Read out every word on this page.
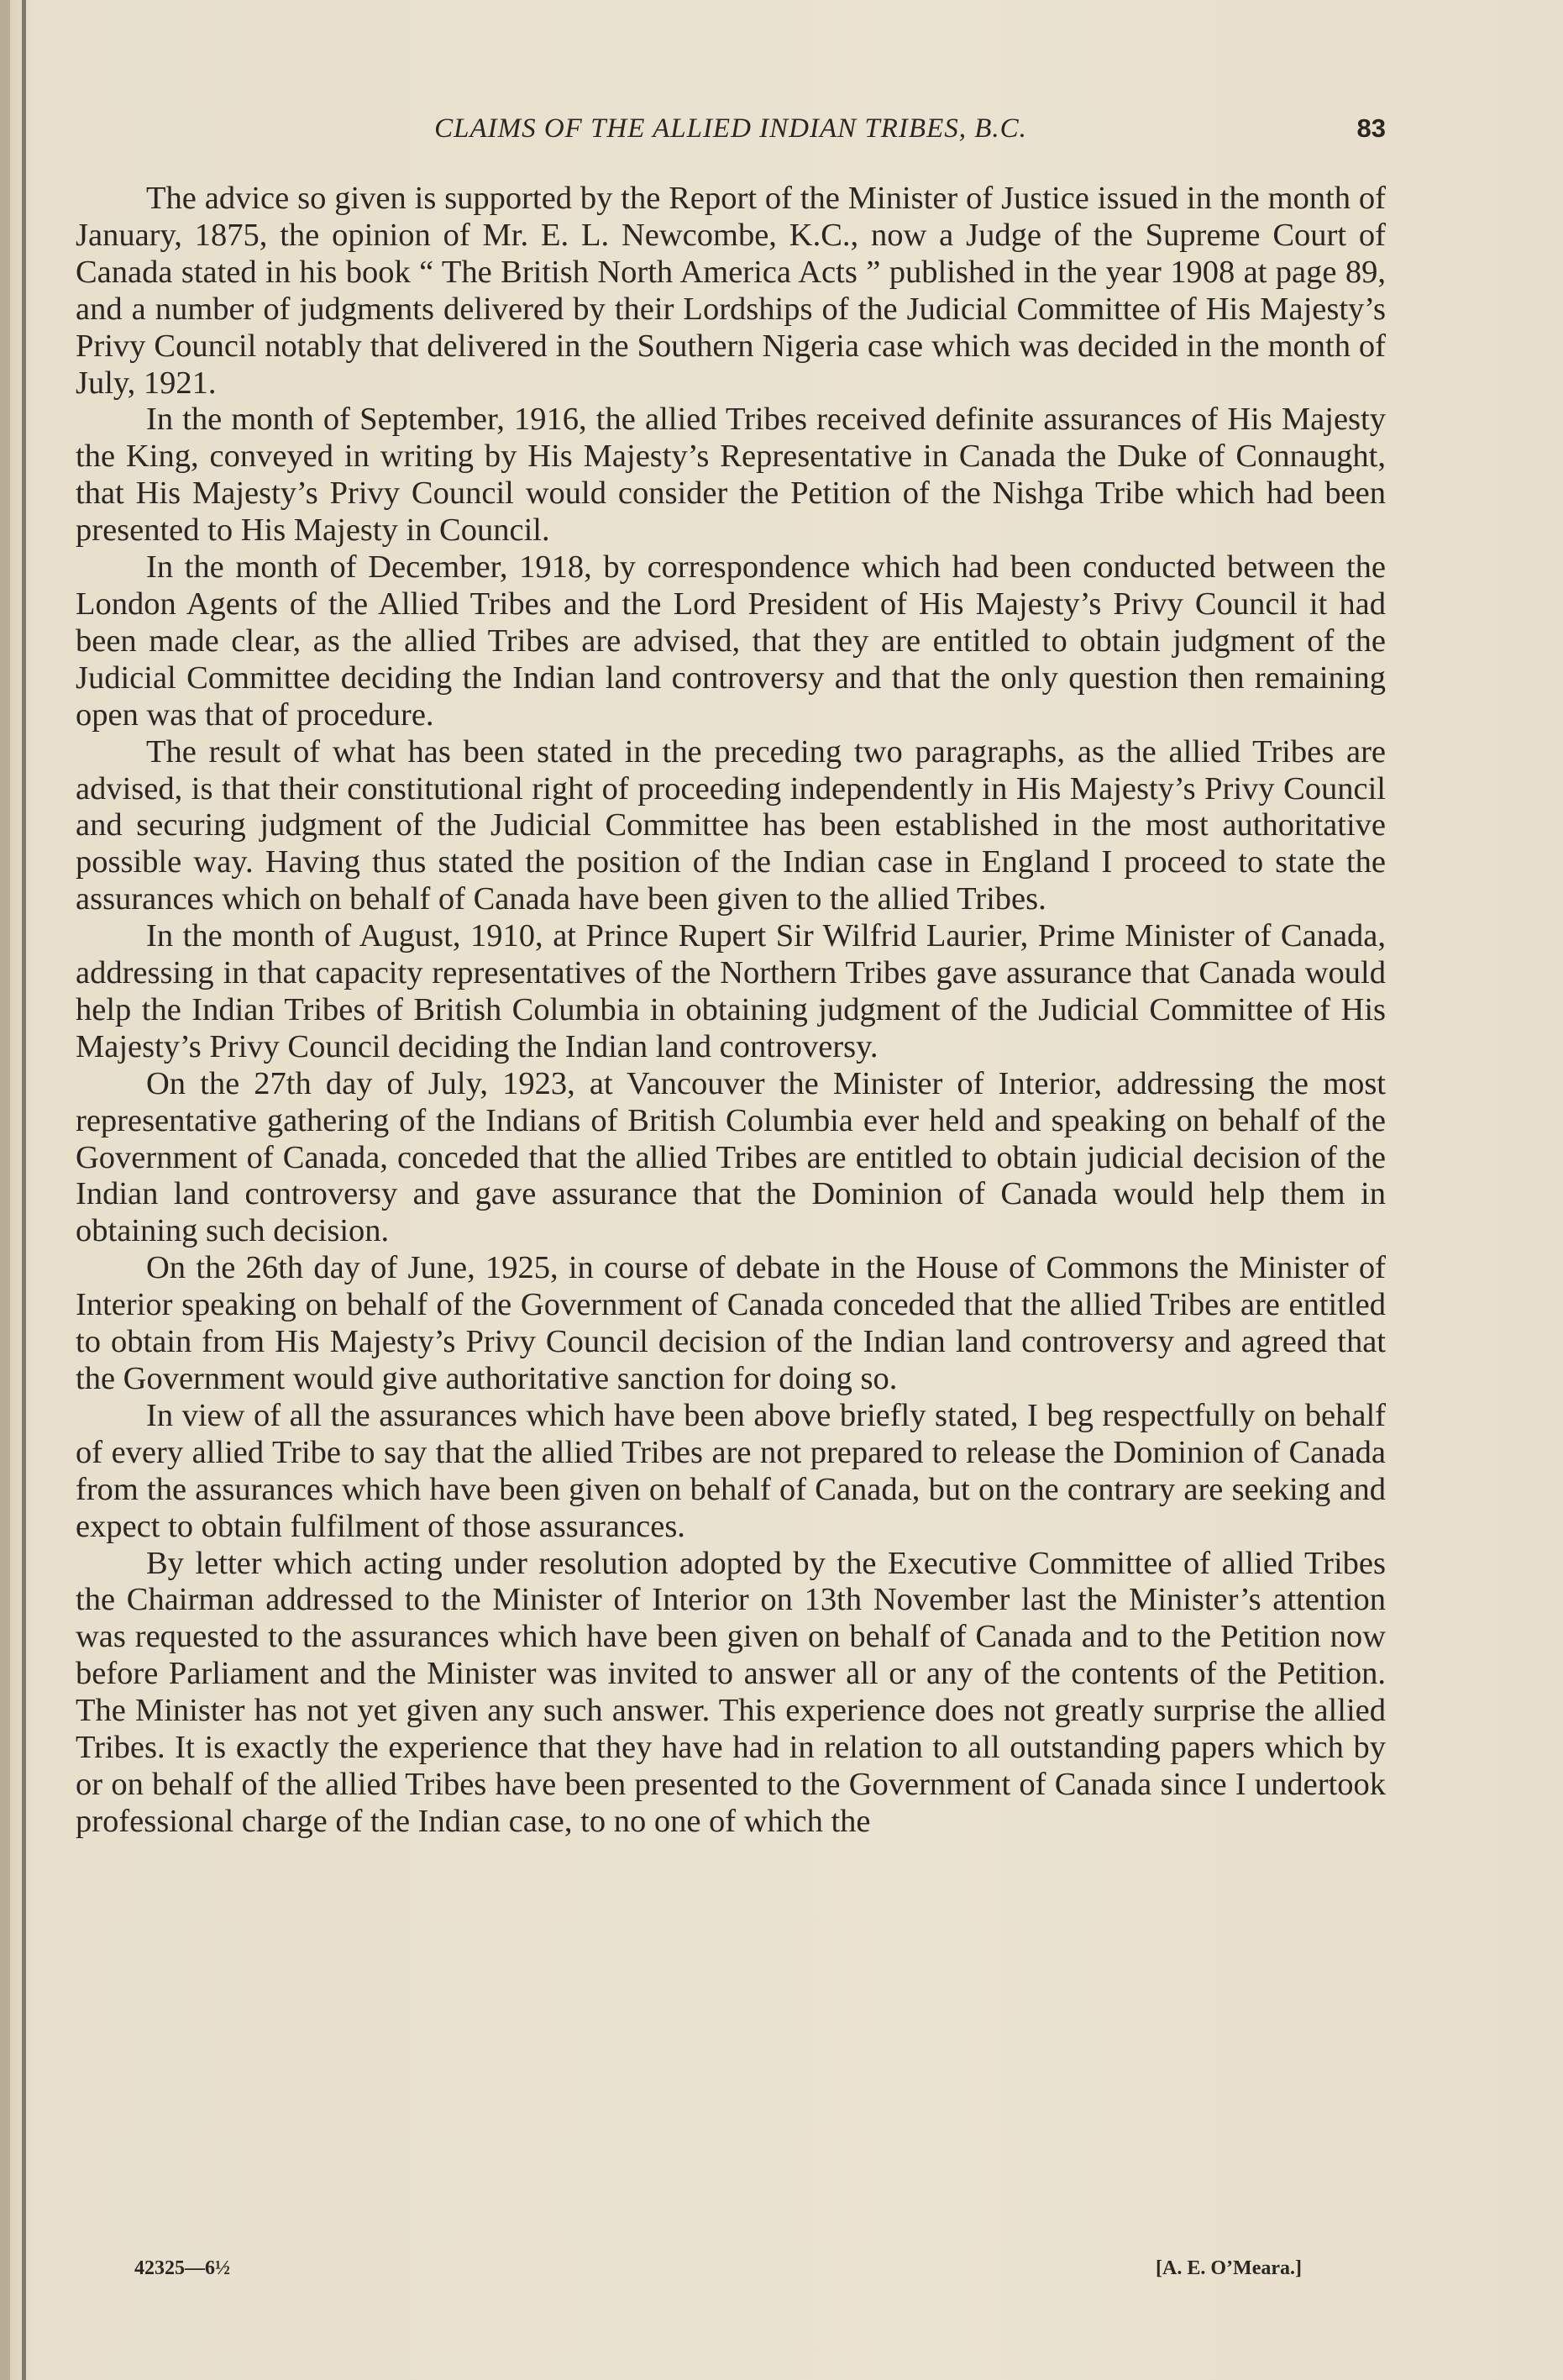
CLAIMS OF THE ALLIED INDIAN TRIBES, B.C.	83

The advice so given is supported by the Report of the Minister of Justice issued in the month of January, 1875, the opinion of Mr. E. L. Newcombe, K.C., now a Judge of the Supreme Court of Canada stated in his book “ The British North America Acts ” published in the year 1908 at page 89, and a number of judgments delivered by their Lordships of the Judicial Committee of His Majesty’s Privy Council notably that delivered in the Southern Nigeria case which was decided in the month of July, 1921.

In the month of September, 1916, the allied Tribes received definite assurances of His Majesty the King, conveyed in writing by His Majesty’s Representative in Canada the Duke of Connaught, that His Majesty’s Privy Council would consider the Petition of the Nishga Tribe which had been presented to His Majesty in Council.

In the month of December, 1918, by correspondence which had been conducted between the London Agents of the Allied Tribes and the Lord President of His Majesty’s Privy Council it had been made clear, as the allied Tribes are advised, that they are entitled to obtain judgment of the Judicial Committee deciding the Indian land controversy and that the only question then remaining open was that of procedure.

The result of what has been stated in the preceding two paragraphs, as the allied Tribes are advised, is that their constitutional right of proceeding independently in His Majesty’s Privy Council and securing judgment of the Judicial Committee has been established in the most authoritative possible way. Having thus stated the position of the Indian case in England I proceed to state the assurances which on behalf of Canada have been given to the allied Tribes.

In the month of August, 1910, at Prince Rupert Sir Wilfrid Laurier, Prime Minister of Canada, addressing in that capacity representatives of the Northern Tribes gave assurance that Canada would help the Indian Tribes of British Columbia in obtaining judgment of the Judicial Committee of His Majesty’s Privy Council deciding the Indian land controversy.

On the 27th day of July, 1923, at Vancouver the Minister of Interior, addressing the most representative gathering of the Indians of British Columbia ever held and speaking on behalf of the Government of Canada, conceded that the allied Tribes are entitled to obtain judicial decision of the Indian land controversy and gave assurance that the Dominion of Canada would help them in obtaining such decision.

On the 26th day of June, 1925, in course of debate in the House of Commons the Minister of Interior speaking on behalf of the Government of Canada conceded that the allied Tribes are entitled to obtain from His Majesty’s Privy Council decision of the Indian land controversy and agreed that the Government would give authoritative sanction for doing so.

In view of all the assurances which have been above briefly stated, I beg respectfully on behalf of every allied Tribe to say that the allied Tribes are not prepared to release the Dominion of Canada from the assurances which have been given on behalf of Canada, but on the contrary are seeking and expect to obtain fulfilment of those assurances.

By letter which acting under resolution adopted by the Executive Committee of allied Tribes the Chairman addressed to the Minister of Interior on 13th November last the Minister’s attention was requested to the assurances which have been given on behalf of Canada and to the Petition now before Parliament and the Minister was invited to answer all or any of the contents of the Petition. The Minister has not yet given any such answer. This experience does not greatly surprise the allied Tribes. It is exactly the experience that they have had in relation to all outstanding papers which by or on behalf of the allied Tribes have been presented to the Government of Canada since I undertook professional charge of the Indian case, to no one of which the

42325—6½	[A. E. O’Meara.]
